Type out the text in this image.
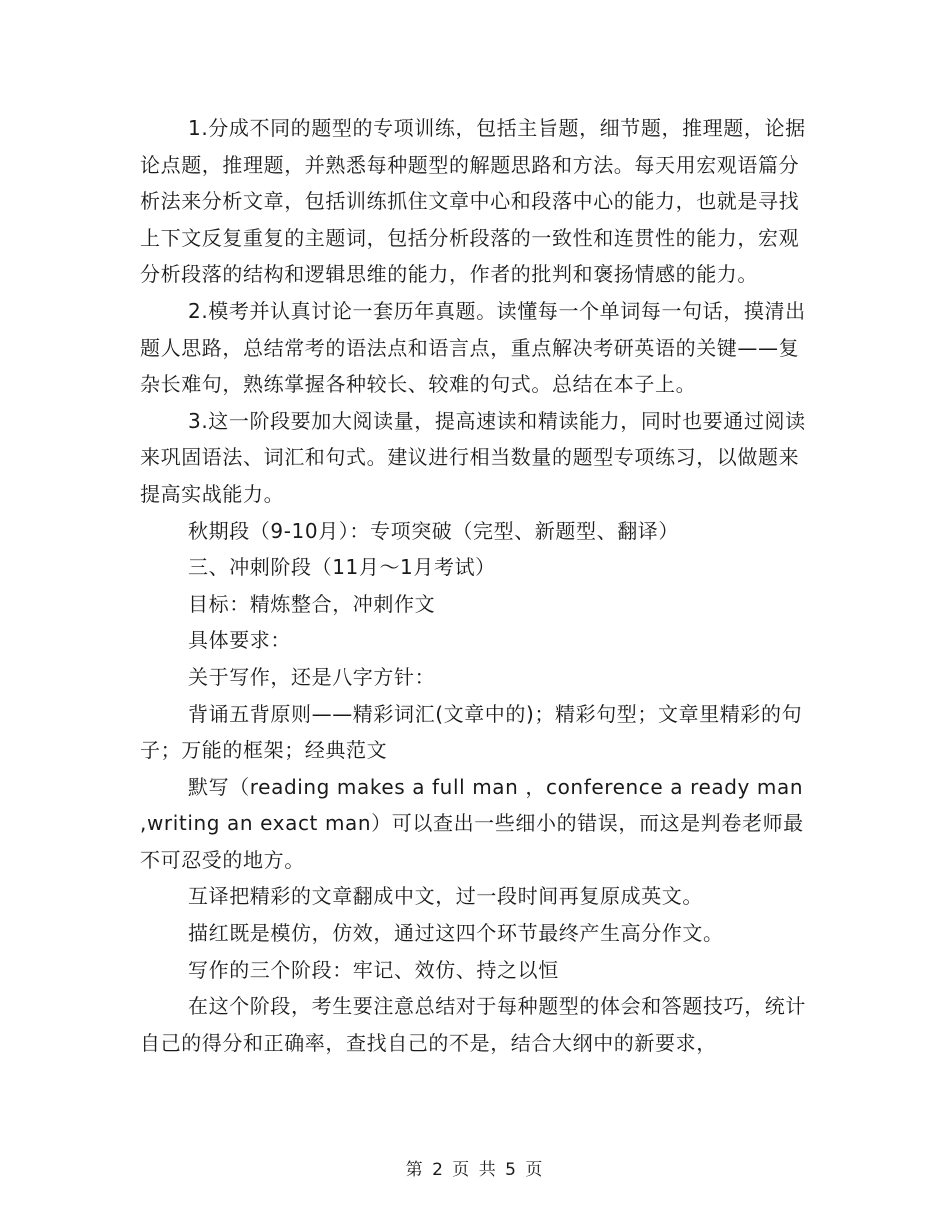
1.分成不同的题型的专项训练，包括主旨题，细节题，推理题，论据论点题，推理题，并熟悉每种题型的解题思路和方法。每天用宏观语篇分析法来分析文章，包括训练抓住文章中心和段落中心的能力，也就是寻找上下文反复重复的主题词，包括分析段落的一致性和连贯性的能力，宏观分析段落的结构和逻辑思维的能力，作者的批判和褒扬情感的能力。

2.模考并认真讨论一套历年真题。读懂每一个单词每一句话，摸清出题人思路，总结常考的语法点和语言点，重点解决考研英语的关键——复杂长难句，熟练掌握各种较长、较难的句式。总结在本子上。

3.这一阶段要加大阅读量，提高速读和精读能力，同时也要通过阅读来巩固语法、词汇和句式。建议进行相当数量的题型专项练习，以做题来提高实战能力。

秋期段（9-10月）：专项突破（完型、新题型、翻译）

三、冲刺阶段（11月～1月考试）

目标：精炼整合，冲刺作文

具体要求：

关于写作，还是八字方针：

背诵五背原则——精彩词汇(文章中的)；精彩句型；文章里精彩的句子；万能的框架；经典范文

默写（reading makes a full man ，conference a ready man ,writing an exact man）可以查出一些细小的错误，而这是判卷老师最不可忍受的地方。

互译把精彩的文章翻成中文，过一段时间再复原成英文。

描红既是模仿，仿效，通过这四个环节最终产生高分作文。

写作的三个阶段：牢记、效仿、持之以恒

在这个阶段，考生要注意总结对于每种题型的体会和答题技巧，统计自己的得分和正确率，查找自己的不是，结合大纲中的新要求，

第 2 页 共 5 页
